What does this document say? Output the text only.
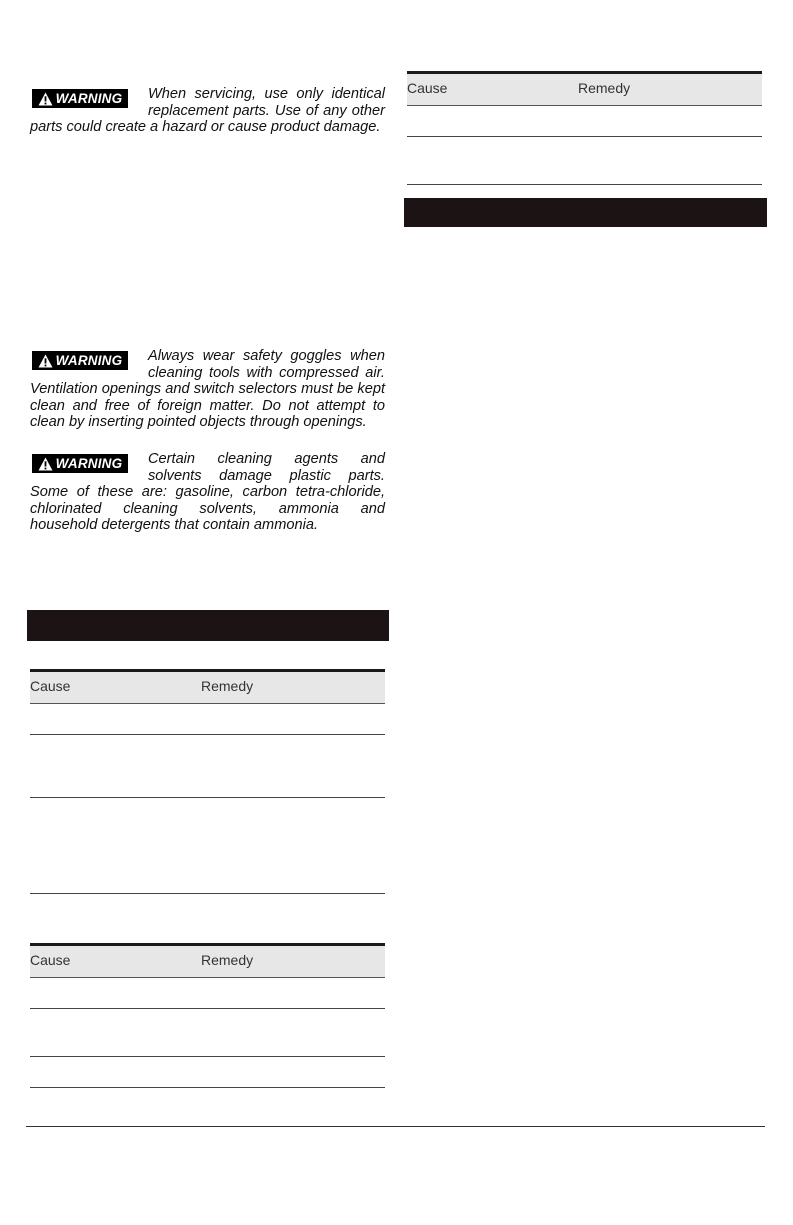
WARNING When servicing, use only identical replacement parts. Use of any other parts could create a hazard or cause product damage.
WARNING Always wear safety goggles when cleaning tools with compressed air. Ventilation openings and switch selectors must be kept clean and free of foreign matter. Do not attempt to clean by inserting pointed objects through openings.
WARNING Certain cleaning agents and solvents damage plastic parts. Some of these are: gasoline, carbon tetra-chloride, chlorinated cleaning solvents, ammonia and household detergents that contain ammonia.
Cause	Remedy
Cause	Remedy
Cause	Remedy
